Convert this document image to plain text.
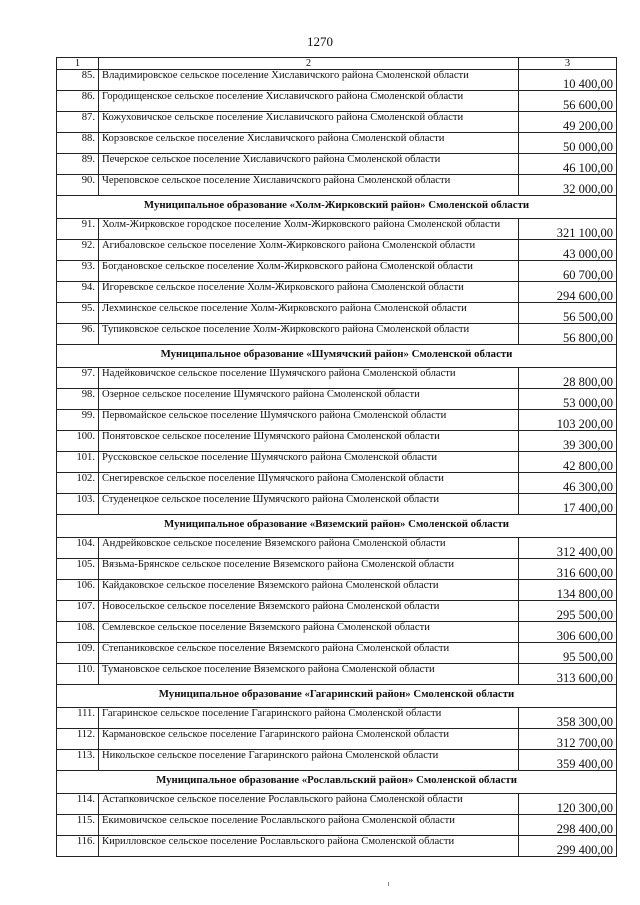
1270
1	2	3
85.	Владимировское сельское поселение Хиславичского района Смоленской области	10 400,00
86.	Городищенское сельское поселение Хиславичского района Смоленской области	56 600,00
87.	Кожуховичское сельское поселение Хиславичского района Смоленской области	49 200,00
88.	Корзовское сельское поселение Хиславичского района Смоленской области	50 000,00
89.	Печерское сельское поселение Хиславичского района Смоленской области	46 100,00
90.	Череповское сельское поселение Хиславичского района Смоленской области	32 000,00
Муниципальное образование «Холм-Жирковский район» Смоленской области		
91.	Холм-Жирковское городское поселение Холм-Жирковского района Смоленской области	321 100,00
92.	Агибаловское сельское поселение Холм-Жирковского района Смоленской области	43 000,00
93.	Богдановское сельское поселение Холм-Жирковского района Смоленской области	60 700,00
94.	Игоревское сельское поселение Холм-Жирковского района Смоленской области	294 600,00
95.	Лехминское сельское поселение Холм-Жирковского района Смоленской области	56 500,00
96.	Тупиковское сельское поселение Холм-Жирковского района Смоленской области	56 800,00
Муниципальное образование «Шумячский район» Смоленской области		
97.	Надейковичское сельское поселение Шумячского района Смоленской области	28 800,00
98.	Озерное сельское поселение Шумячского района Смоленской области	53 000,00
99.	Первомайское сельское поселение Шумячского района Смоленской области	103 200,00
100.	Понятовское сельское поселение Шумячского района Смоленской области	39 300,00
101.	Руссковское сельское поселение Шумячского района Смоленской области	42 800,00
102.	Снегиревское сельское поселение Шумячского района Смоленской области	46 300,00
103.	Студенецкое сельское поселение Шумячского района Смоленской области	17 400,00
Муниципальное образование «Вяземский район» Смоленской области		
104.	Андрейковское сельское поселение Вяземского района Смоленской области	312 400,00
105.	Вязьма-Брянское сельское поселение Вяземского района Смоленской области	316 600,00
106.	Кайдаковское сельское поселение Вяземского района Смоленской области	134 800,00
107.	Новосельское сельское поселение Вяземского района Смоленской области	295 500,00
108.	Семлевское сельское поселение Вяземского района Смоленской области	306 600,00
109.	Степаниковское сельское поселение Вяземского района Смоленской области	95 500,00
110.	Тумановское сельское поселение Вяземского района Смоленской области	313 600,00
Муниципальное образование «Гагаринский район» Смоленской области		
111.	Гагаринское сельское поселение Гагаринского района Смоленской области	358 300,00
112.	Кармановское сельское поселение Гагаринского района Смоленской области	312 700,00
113.	Никольское сельское поселение Гагаринского района Смоленской области	359 400,00
Муниципальное образование «Рославльский район» Смоленской области		
114.	Астапковичское сельское поселение Рославльского района Смоленской области	120 300,00
115.	Екимовичское сельское поселение Рославльского района Смоленской области	298 400,00
116.	Кирилловское сельское поселение Рославльского района Смоленской области	299 400,00
